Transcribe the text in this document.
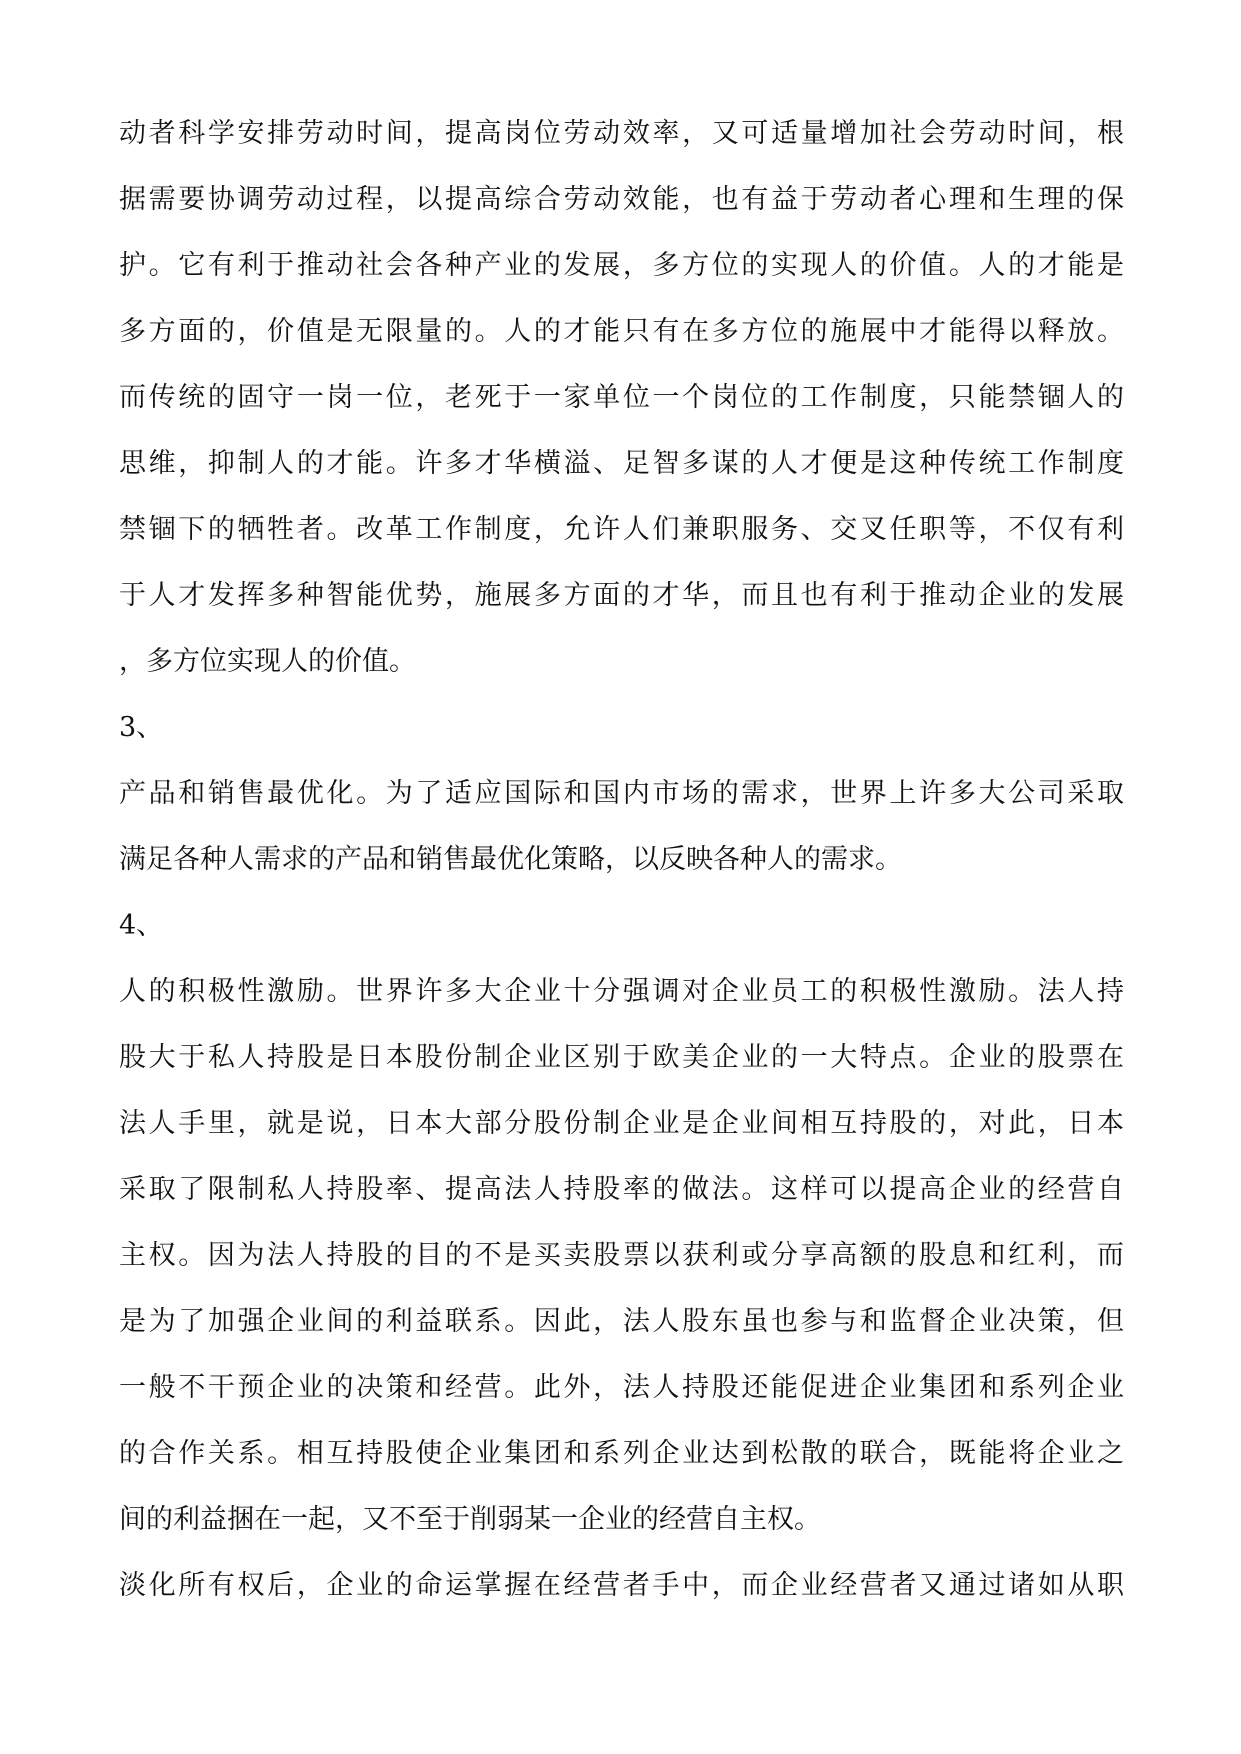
动者科学安排劳动时间，提高岗位劳动效率，又可适量增加社会劳动时间，根
据需要协调劳动过程，以提高综合劳动效能，也有益于劳动者心理和生理的保
护。它有利于推动社会各种产业的发展，多方位的实现人的价值。人的才能是
多方面的，价值是无限量的。人的才能只有在多方位的施展中才能得以释放。
而传统的固守一岗一位，老死于一家单位一个岗位的工作制度，只能禁锢人的
思维，抑制人的才能。许多才华横溢、足智多谋的人才便是这种传统工作制度
禁锢下的牺牲者。改革工作制度，允许人们兼职服务、交叉任职等，不仅有利
于人才发挥多种智能优势，施展多方面的才华，而且也有利于推动企业的发展
，多方位实现人的价值。
3、
产品和销售最优化。为了适应国际和国内市场的需求，世界上许多大公司采取
满足各种人需求的产品和销售最优化策略，以反映各种人的需求。
4、
人的积极性激励。世界许多大企业十分强调对企业员工的积极性激励。法人持
股大于私人持股是日本股份制企业区别于欧美企业的一大特点。企业的股票在
法人手里，就是说，日本大部分股份制企业是企业间相互持股的，对此，日本
采取了限制私人持股率、提高法人持股率的做法。这样可以提高企业的经营自
主权。因为法人持股的目的不是买卖股票以获利或分享高额的股息和红利，而
是为了加强企业间的利益联系。因此，法人股东虽也参与和监督企业决策，但
一般不干预企业的决策和经营。此外，法人持股还能促进企业集团和系列企业
的合作关系。相互持股使企业集团和系列企业达到松散的联合，既能将企业之
间的利益捆在一起，又不至于削弱某一企业的经营自主权。
淡化所有权后，企业的命运掌握在经营者手中，而企业经营者又通过诸如从职
